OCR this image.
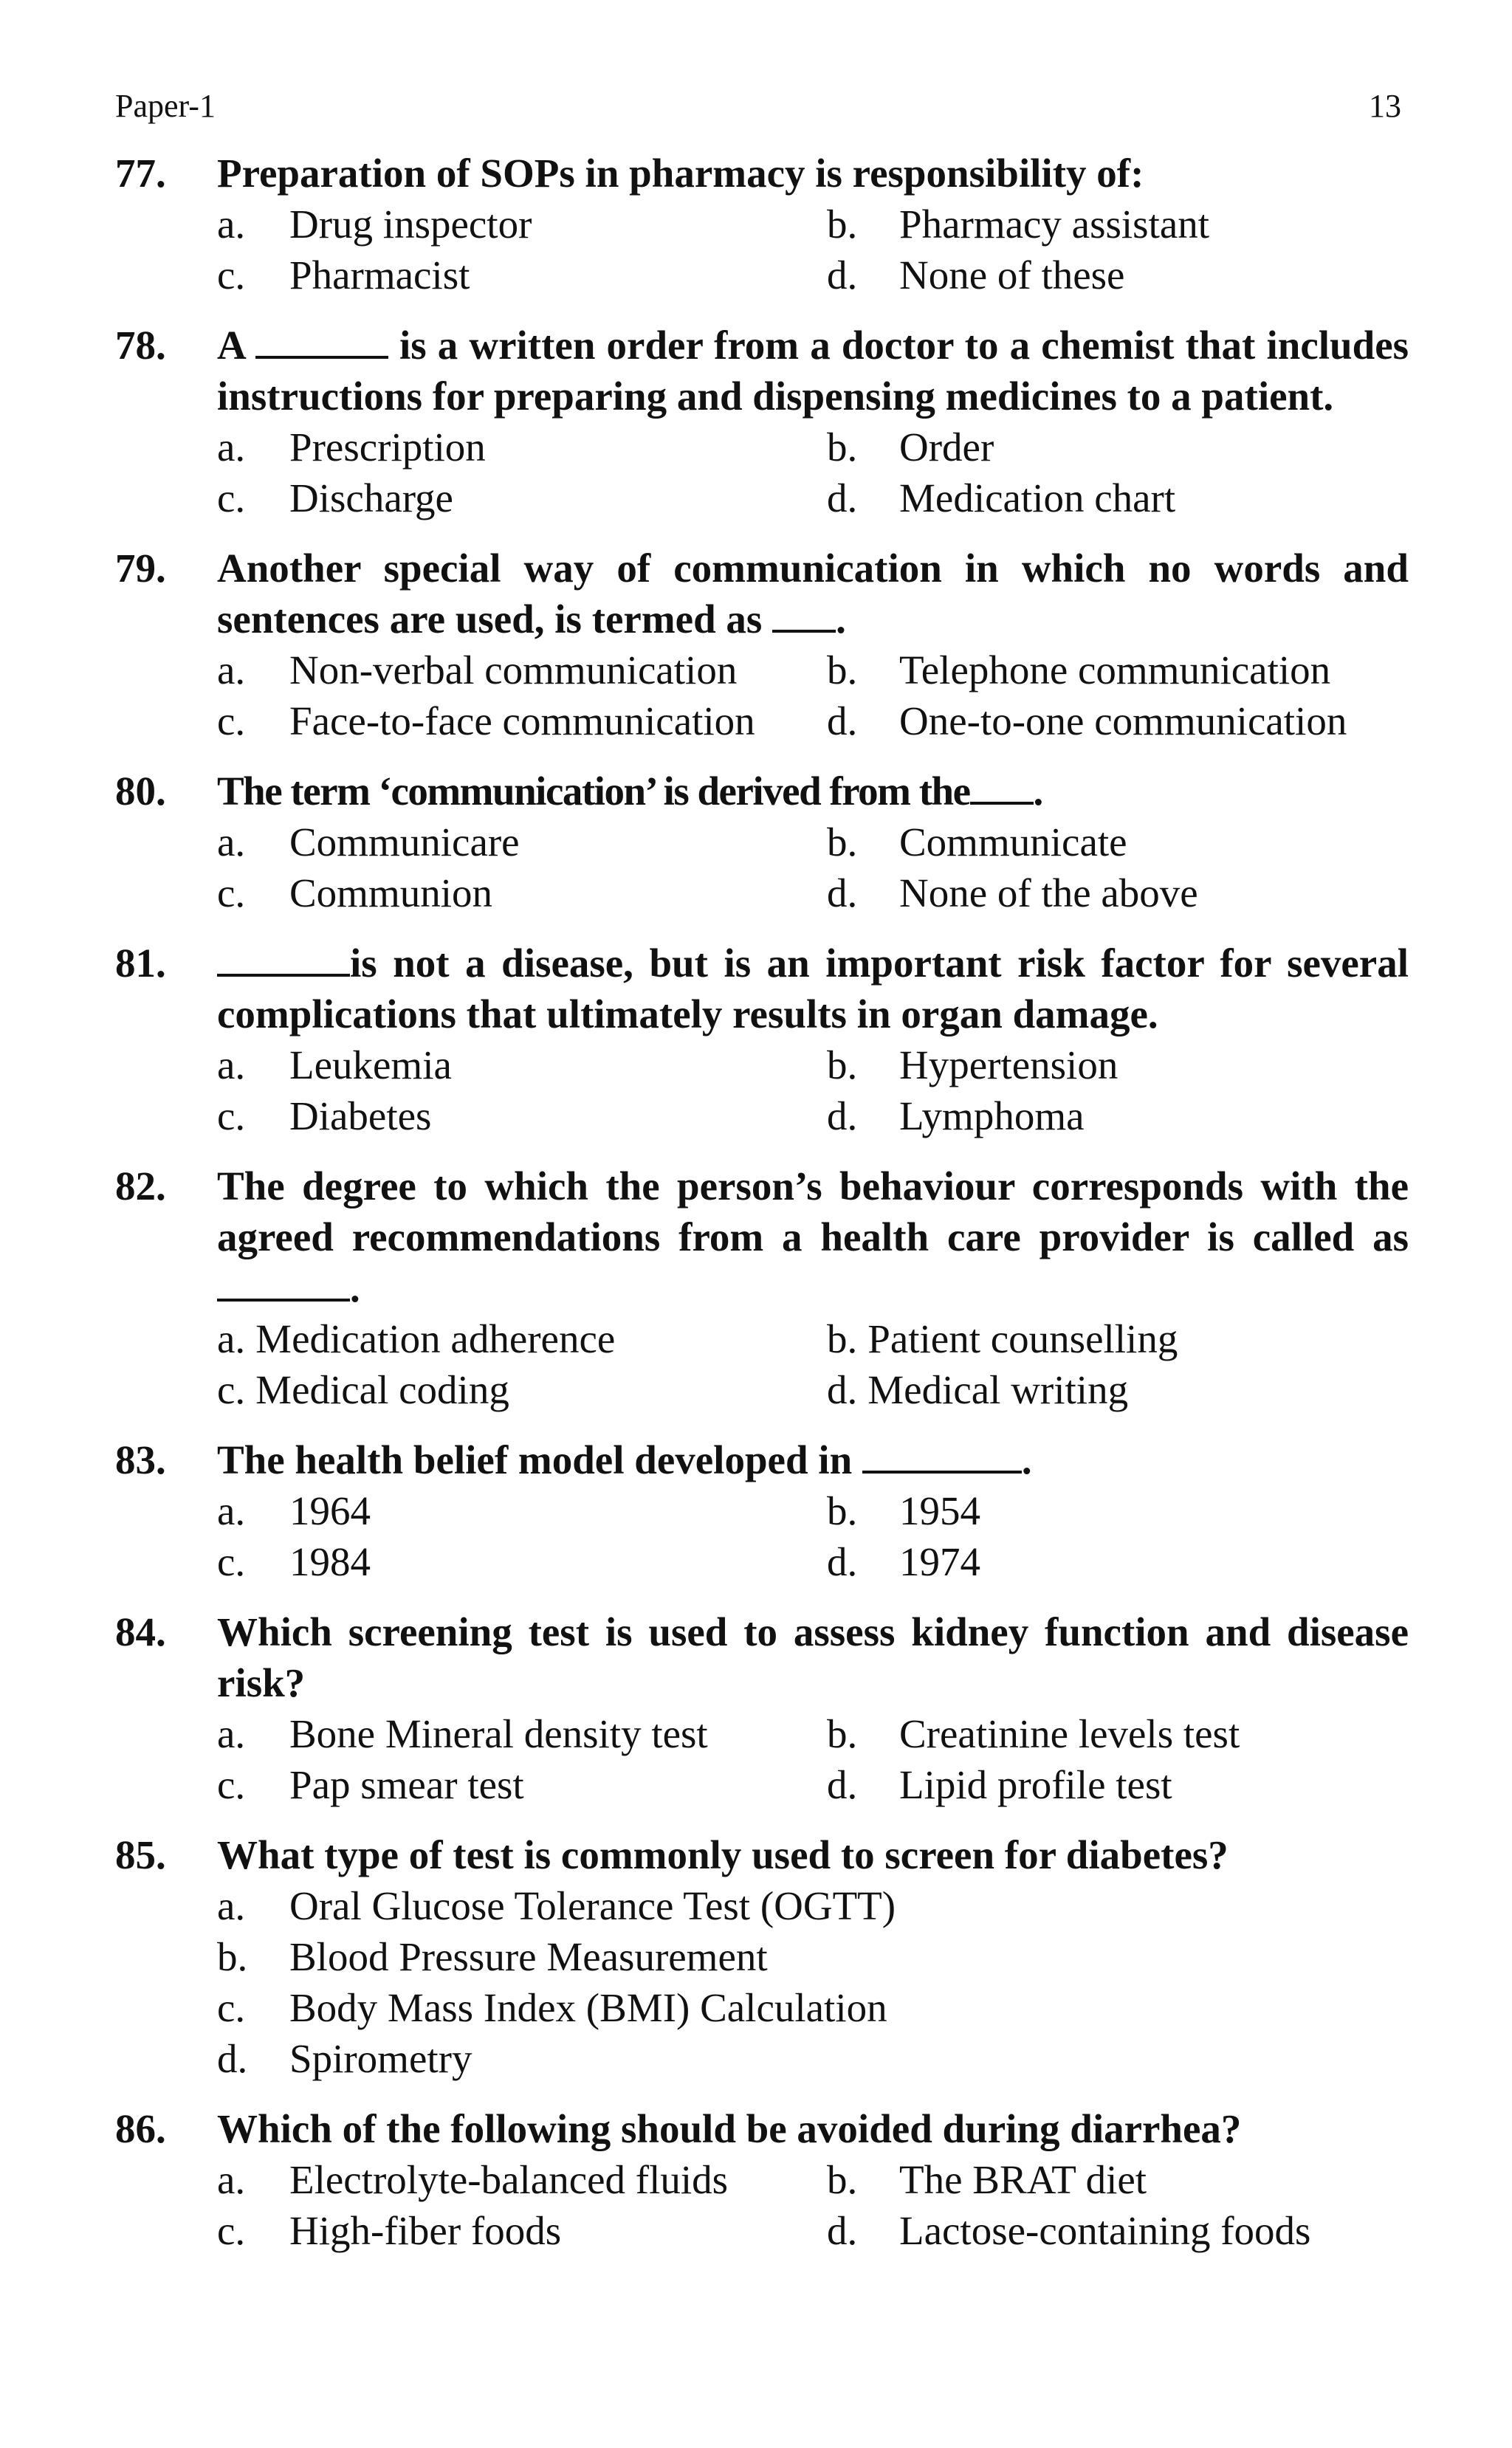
Paper-1	13
77.	Preparation of SOPs in pharmacy is responsibility of:
a.	Drug inspector	b.	Pharmacy assistant
c.	Pharmacist	d.	None of these
78.	A	is a written order from a doctor to a chemist that includes instructions for preparing and dispensing medicines to a patient.
a.	Prescription	b.	Order
c.	Discharge	d.	Medication chart
79.	Another special way of communication in which no words and sentences are used, is termed as .
a.	Non-verbal communication b.	Telephone communication
c.	Face-to-face communication d.	One-to-one communication
80.	The term ‘communication’ is derived from the .
a.	Communicare	b.	Communicate
c.	Communion	d.	None of the above
81.	is not a disease, but is an important risk factor for several complications that ultimately results in organ damage.
a.	Leukemia	b.	Hypertension
c.	Diabetes	d.	Lymphoma
82.	The degree to which the person’s behaviour corresponds with the agreed recommendations from a health care provider is called as .
a. Medication adherence	b. Patient counselling
c. Medical coding	d. Medical writing
83.	The health belief model developed in	.
a.	1964	b.	1954
c.	1984	d.	1974
84.	Which screening test is used to assess kidney function and disease risk?
a.	Bone Mineral density test	b.	Creatinine levels test
c.	Pap smear test	d.	Lipid profile test
85.	What type of test is commonly used to screen for diabetes?
a.	Oral Glucose Tolerance Test (OGTT)
b.	Blood Pressure Measurement
c.	Body Mass Index (BMI) Calculation
d.	Spirometry
86.	Which of the following should be avoided during diarrhea?
a.	Electrolyte-balanced fluids b.	The BRAT diet
c.	High-fiber foods	d.	Lactose-containing foods
